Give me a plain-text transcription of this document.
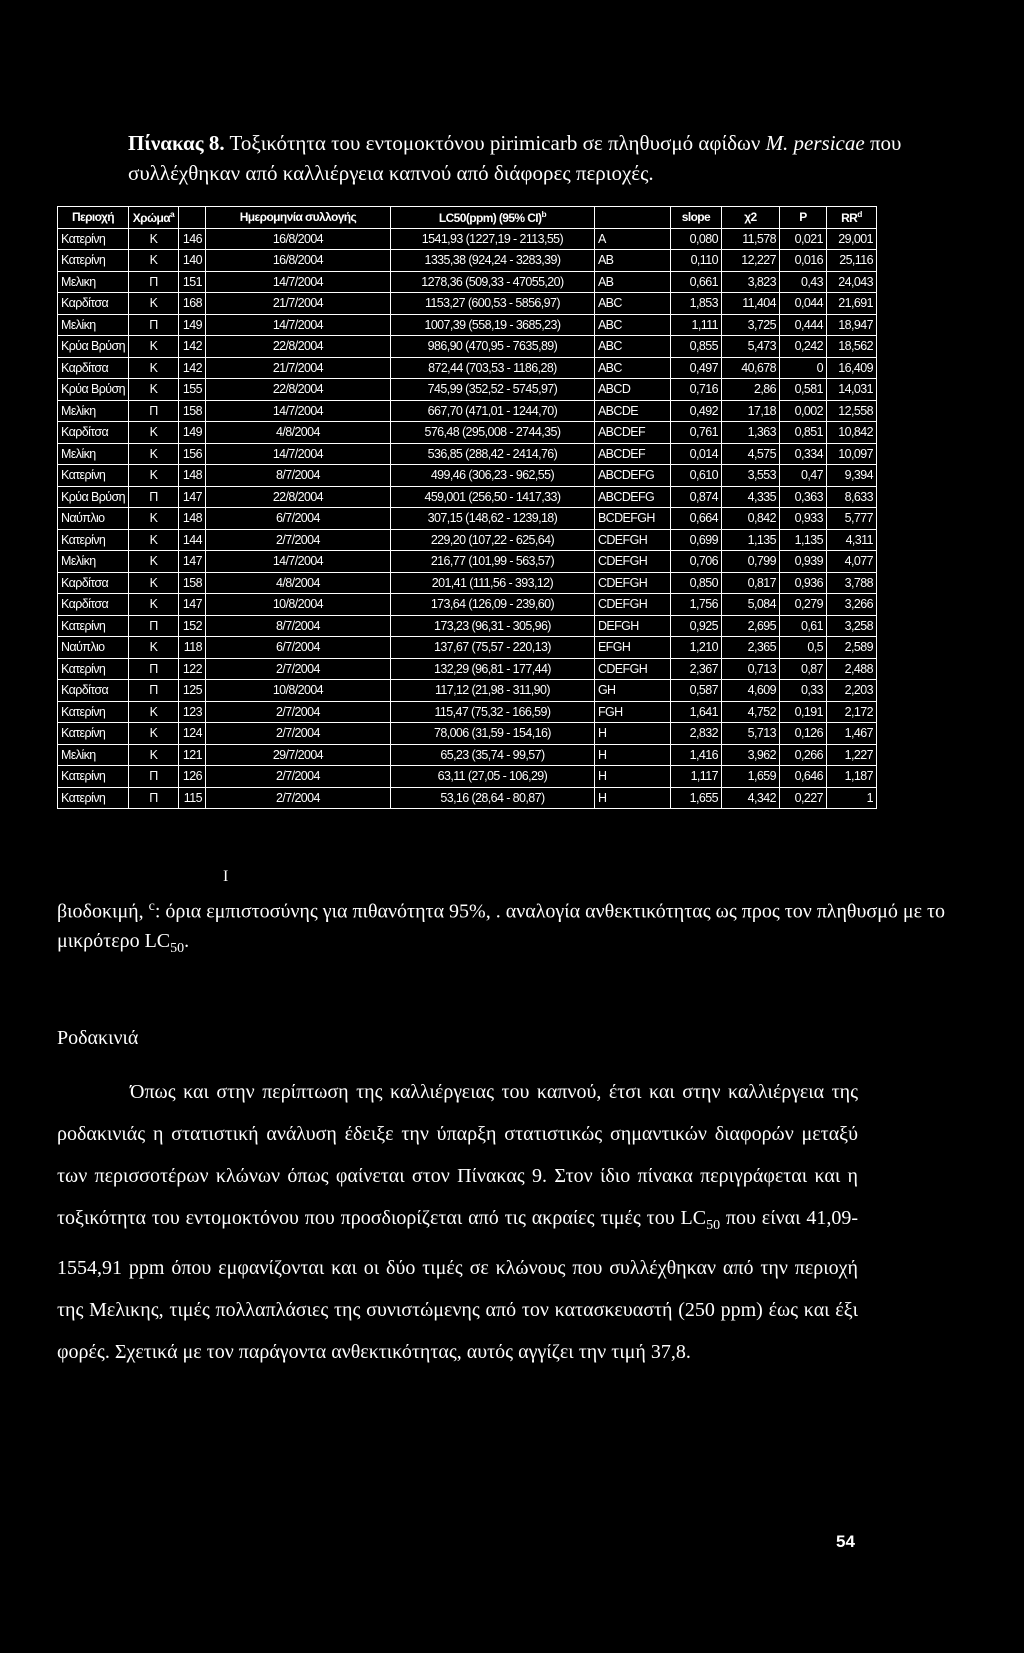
Πίνακας 8. Τοξικότητα του εντομοκτόνου pirimicarb σε πληθυσμό αφίδων M. persicae που συλλέχθηκαν από καλλιέργεια καπνού από διάφορες περιοχές.
Περιοχή	Χρώμα$^a$		Ημερομηνία συλλογής	LC50(ppm) (95% CI)$^b$		slope	χ2	P	$RR^d$
Κατερίνη	K	146	16/8/2004	1541,93 (1227,19 - 2113,55)	A	0,080	11,578	0,021	29,001
Κατερίνη	K	140	16/8/2004	1335,38 (924,24 - 3283,39)	AB	0,110	12,227	0,016	25,116
Μελικη	Π	151	14/7/2004	1278,36 (509,33 - 47055,20)	AB	0,661	3,823	0,43	24,043
Καρδίτσα	K	168	21/7/2004	1153,27 (600,53 - 5856,97)	ABC	1,853	11,404	0,044	21,691
Μελίκη	Π	149	14/7/2004	1007,39 (558,19 - 3685,23)	ABC	1,111	3,725	0,444	18,947
Κρύα Βρύση	K	142	22/8/2004	986,90 (470,95 - 7635,89)	ABC	0,855	5,473	0,242	18,562
Καρδίτσα	K	142	21/7/2004	872,44 (703,53 - 1186,28)	ABC	0,497	40,678	0	16,409
Κρύα Βρύση	K	155	22/8/2004	745,99 (352,52 - 5745,97)	ABCD	0,716	2,86	0,581	14,031
Μελίκη	Π	158	14/7/2004	667,70 (471,01 - 1244,70)	ABCDE	0,492	17,18	0,002	12,558
Καρδίτσα	K	149	4/8/2004	576,48 (295,008 - 2744,35)	ABCDEF	0,761	1,363	0,851	10,842
Μελίκη	K	156	14/7/2004	536,85 (288,42 - 2414,76)	ABCDEF	0,014	4,575	0,334	10,097
Κατερίνη	K	148	8/7/2004	499,46 (306,23 - 962,55)	ABCDEFG	0,610	3,553	0,47	9,394
Κρύα Βρύση	Π	147	22/8/2004	459,001 (256,50 - 1417,33)	ABCDEFG	0,874	4,335	0,363	8,633
Ναύπλιο	K	148	6/7/2004	307,15 (148,62 - 1239,18)	BCDEFGH	0,664	0,842	0,933	5,777
Κατερίνη	K	144	2/7/2004	229,20 (107,22 - 625,64)	CDEFGH	0,699	1,135	1,135	4,311
Μελίκη	K	147	14/7/2004	216,77 (101,99 - 563,57)	CDEFGH	0,706	0,799	0,939	4,077
Καρδίτσα	K	158	4/8/2004	201,41 (111,56 - 393,12)	CDEFGH	0,850	0,817	0,936	3,788
Καρδίτσα	K	147	10/8/2004	173,64 (126,09 - 239,60)	CDEFGH	1,756	5,084	0,279	3,266
Κατερίνη	Π	152	8/7/2004	173,23 (96,31 - 305,96)	DEFGH	0,925	2,695	0,61	3,258
Ναύπλιο	K	118	6/7/2004	137,67 (75,57 - 220,13)	EFGH	1,210	2,365	0,5	2,589
Κατερίνη	Π	122	2/7/2004	132,29 (96,81 - 177,44)	CDEFGH	2,367	0,713	0,87	2,488
Καρδίτσα	Π	125	10/8/2004	117,12 (21,98 - 311,90)	GH	0,587	4,609	0,33	2,203
Κατερίνη	K	123	2/7/2004	115,47 (75,32 - 166,59)	FGH	1,641	4,752	0,191	2,172
Κατερίνη	K	124	2/7/2004	78,006 (31,59 - 154,16)	H	2,832	5,713	0,126	1,467
Μελίκη	K	121	29/7/2004	65,23 (35,74 - 99,57)	H	1,416	3,962	0,266	1,227
Κατερίνη	Π	126	2/7/2004	63,11 (27,05 - 106,29)	H	1,117	1,659	0,646	1,187
Κατερίνη	Π	115	2/7/2004	53,16 (28,64 - 80,87)	H	1,655	4,342	0,227	1
I
βιοδοκιμή, $^c$: όρια εμπιστοσύνης για πιθανότητα 95%, . αναλογία ανθεκτικότητας ως προς τον πληθυσμό με το μικρότερο $LC_{50}$.
Ροδακινιά

Όπως και στην περίπτωση της καλλιέργειας του καπνού, έτσι και στην καλλιέργεια της ροδακινιάς η στατιστική ανάλυση έδειξε την ύπαρξη στατιστικώς σημαντικών διαφορών μεταξύ των περισσοτέρων κλώνων όπως φαίνεται στον Πίνακας 9. Στον ίδιο πίνακα περιγράφεται και η τοξικότητα του εντομοκτόνου που προσδιορίζεται από τις ακραίες τιμές του $LC_{50}$ που είναι 41,09-1554,91 ppm όπου εμφανίζονται και οι δύο τιμές σε κλώνους που συλλέχθηκαν από την περιοχή της Μελικης, τιμές πολλαπλάσιες της συνιστώμενης από τον κατασκευαστή (250 ppm) έως και έξι φορές. Σχετικά με τον παράγοντα ανθεκτικότητας, αυτός αγγίζει την τιμή 37,8.

54
